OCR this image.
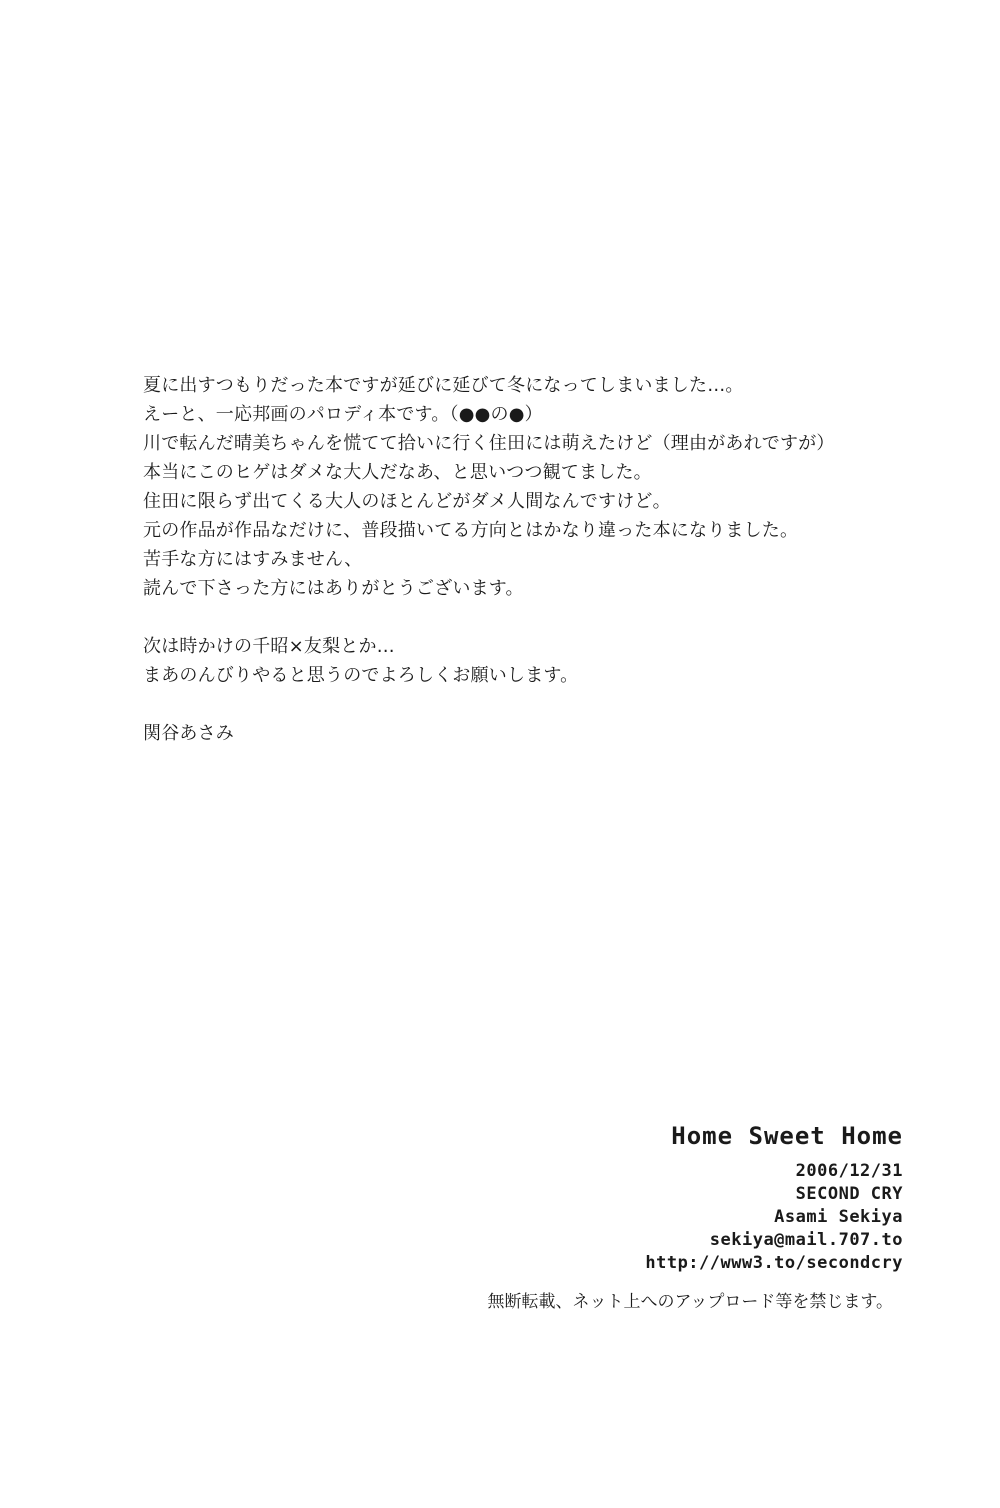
夏に出すつもりだった本ですが延びに延びて冬になってしまいました…。
えーと、一応邦画のパロディ本です。（●●の●）
川で転んだ晴美ちゃんを慌てて拾いに行く住田には萌えたけど（理由があれですが）
本当にこのヒゲはダメな大人だなあ、と思いつつ観てました。
住田に限らず出てくる大人のほとんどがダメ人間なんですけど。
元の作品が作品なだけに、普段描いてる方向とはかなり違った本になりました。
苦手な方にはすみません、
読んで下さった方にはありがとうございます。
次は時かけの千昭×友梨とか…
まあのんびりやると思うのでよろしくお願いします。
関谷あさみ
Home Sweet Home
2006/12/31
SECOND CRY
Asami Sekiya
sekiya@mail.707.to
http://www3.to/secondcry
無断転載、ネット上へのアップロード等を禁じます。
